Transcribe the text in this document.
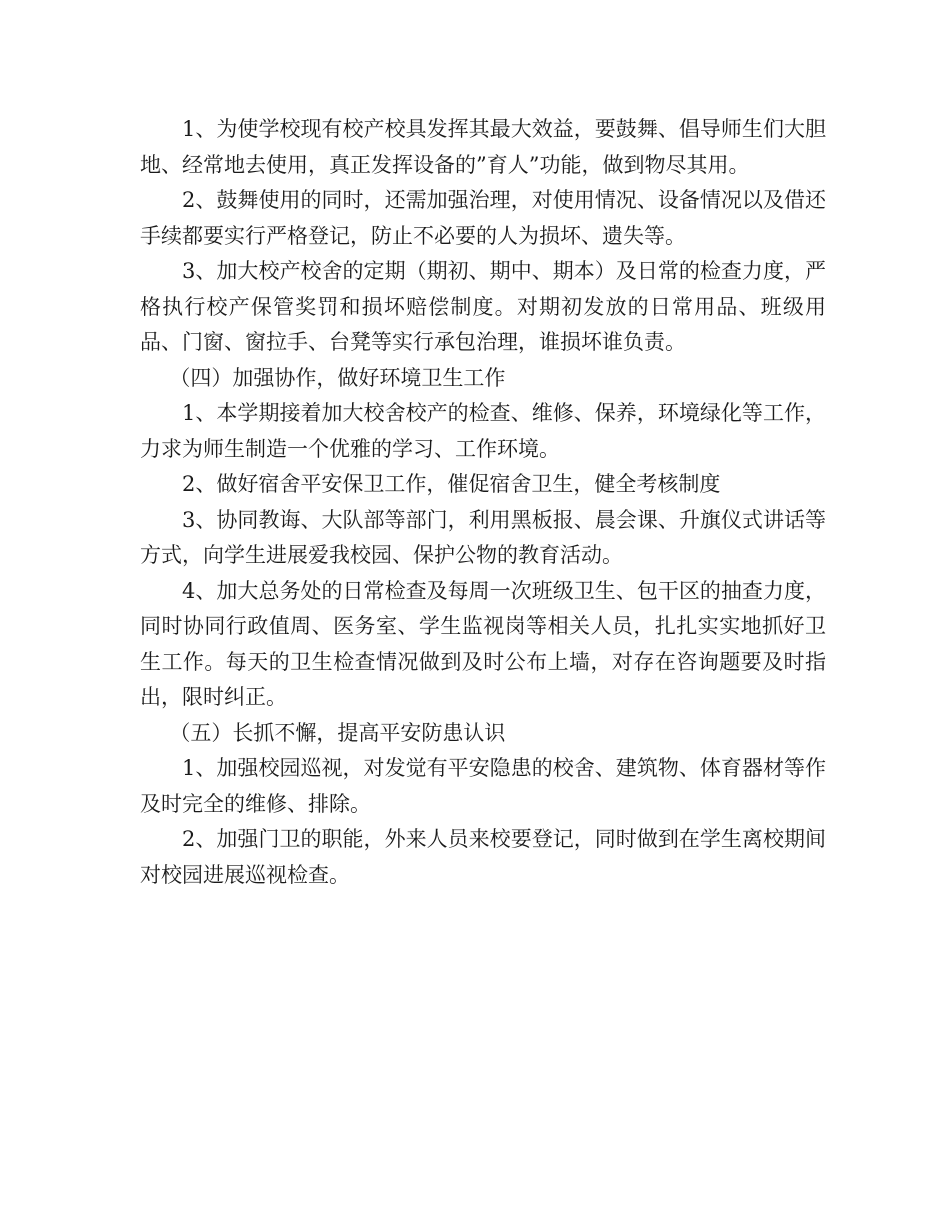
1、为使学校现有校产校具发挥其最大效益，要鼓舞、倡导师生们大胆地、经常地去使用，真正发挥设备的”育人”功能，做到物尽其用。

2、鼓舞使用的同时，还需加强治理，对使用情况、设备情况以及借还手续都要实行严格登记，防止不必要的人为损坏、遗失等。

3、加大校产校舍的定期（期初、期中、期本）及日常的检查力度，严格执行校产保管奖罚和损坏赔偿制度。对期初发放的日常用品、班级用品、门窗、窗拉手、台凳等实行承包治理，谁损坏谁负责。

（四）加强协作，做好环境卫生工作

1、本学期接着加大校舍校产的检查、维修、保养，环境绿化等工作，力求为师生制造一个优雅的学习、工作环境。

2、做好宿舍平安保卫工作，催促宿舍卫生，健全考核制度

3、协同教诲、大队部等部门，利用黑板报、晨会课、升旗仪式讲话等方式，向学生进展爱我校园、保护公物的教育活动。

4、加大总务处的日常检查及每周一次班级卫生、包干区的抽查力度，同时协同行政值周、医务室、学生监视岗等相关人员，扎扎实实地抓好卫生工作。每天的卫生检查情况做到及时公布上墙，对存在咨询题要及时指出，限时纠正。

（五）长抓不懈，提高平安防患认识

1、加强校园巡视，对发觉有平安隐患的校舍、建筑物、体育器材等作及时完全的维修、排除。

2、加强门卫的职能，外来人员来校要登记，同时做到在学生离校期间对校园进展巡视检查。
